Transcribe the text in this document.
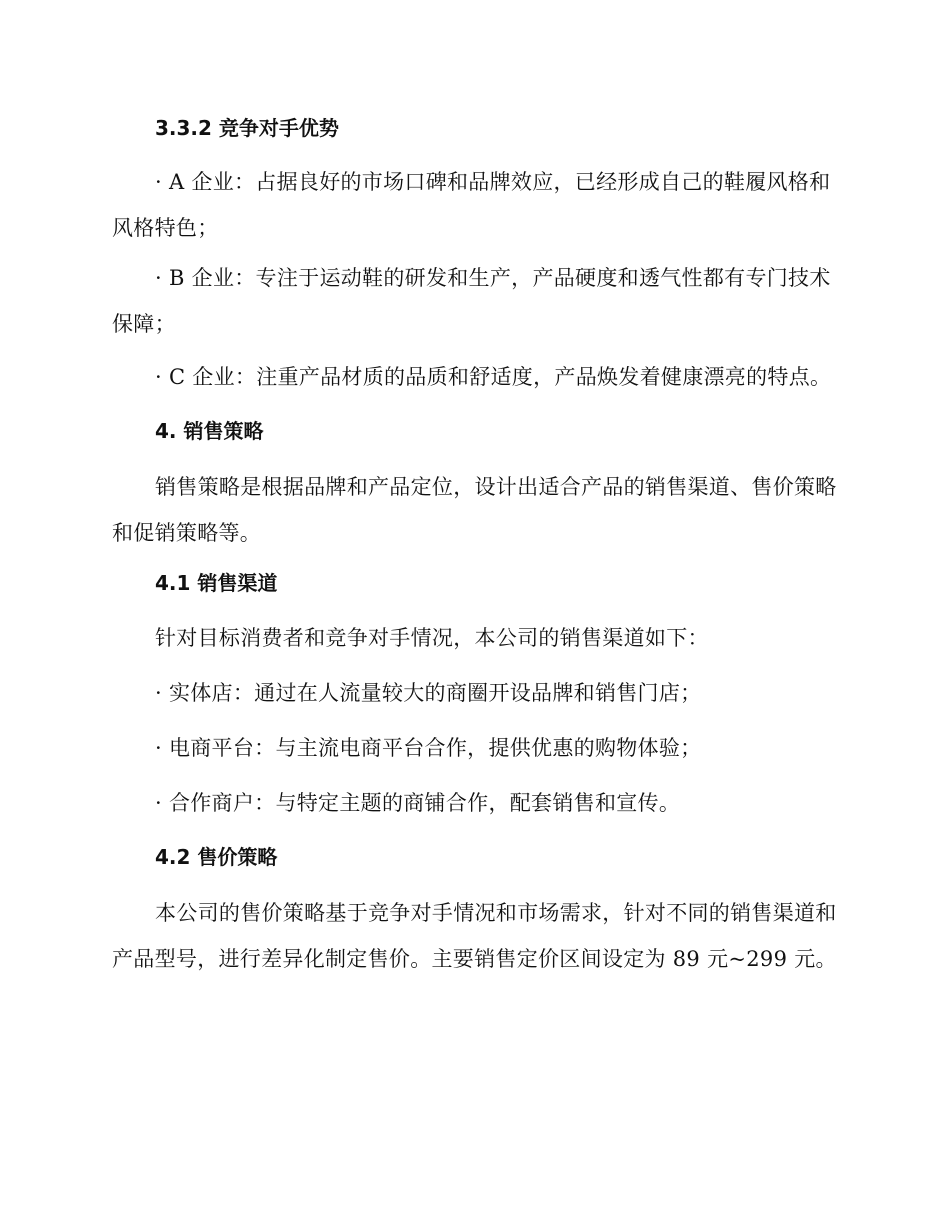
3.3.2 竞争对手优势
· A 企业：占据良好的市场口碑和品牌效应，已经形成自己的鞋履风格和风格特色；
· B 企业：专注于运动鞋的研发和生产，产品硬度和透气性都有专门技术保障；
· C 企业：注重产品材质的品质和舒适度，产品焕发着健康漂亮的特点。
4. 销售策略
销售策略是根据品牌和产品定位，设计出适合产品的销售渠道、售价策略和促销策略等。
4.1 销售渠道
针对目标消费者和竞争对手情况，本公司的销售渠道如下：
· 实体店：通过在人流量较大的商圈开设品牌和销售门店；
· 电商平台：与主流电商平台合作，提供优惠的购物体验；
· 合作商户：与特定主题的商铺合作，配套销售和宣传。
4.2 售价策略
本公司的售价策略基于竞争对手情况和市场需求，针对不同的销售渠道和产品型号，进行差异化制定售价。主要销售定价区间设定为 89 元~299 元。
